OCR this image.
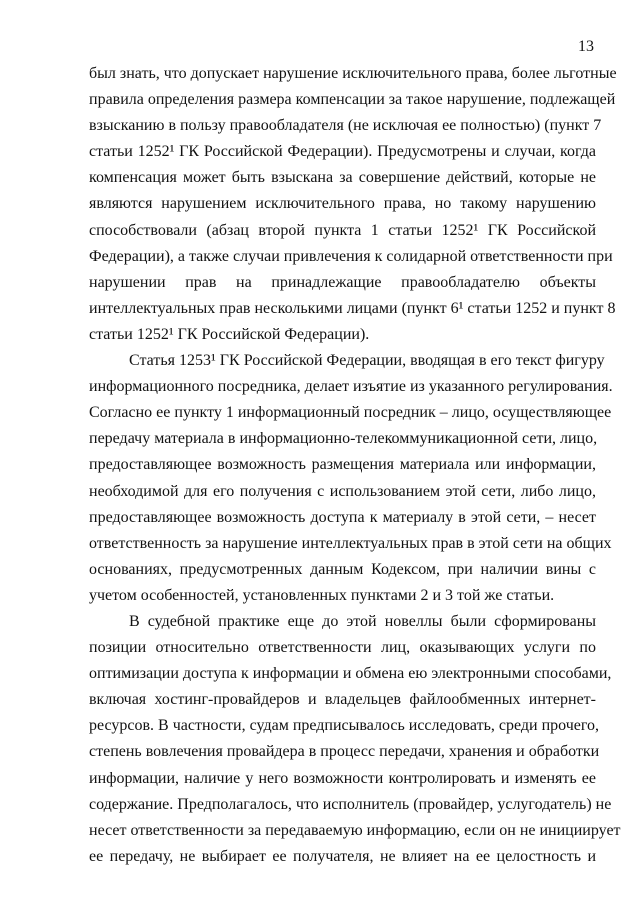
13
был знать, что допускает нарушение исключительного права, более льготные
правила определения размера компенсации за такое нарушение, подлежащей
взысканию в пользу правообладателя (не исключая ее полностью) (пункт 7
статьи 1252¹ ГК Российской Федерации). Предусмотрены и случаи, когда
компенсация может быть взыскана за совершение действий, которые не
являются нарушением исключительного права, но такому нарушению
способствовали (абзац второй пункта 1 статьи 1252¹ ГК Российской
Федерации), а также случаи привлечения к солидарной ответственности при
нарушении прав на принадлежащие правообладателю объекты
интеллектуальных прав несколькими лицами (пункт 6¹ статьи 1252 и пункт 8
статьи 1252¹ ГК Российской Федерации).
Статья 1253¹ ГК Российской Федерации, вводящая в его текст фигуру
информационного посредника, делает изъятие из указанного регулирования.
Согласно ее пункту 1 информационный посредник – лицо, осуществляющее
передачу материала в информационно-телекоммуникационной сети, лицо,
предоставляющее возможность размещения материала или информации,
необходимой для его получения с использованием этой сети, либо лицо,
предоставляющее возможность доступа к материалу в этой сети, – несет
ответственность за нарушение интеллектуальных прав в этой сети на общих
основаниях, предусмотренных данным Кодексом, при наличии вины с
учетом особенностей, установленных пунктами 2 и 3 той же статьи.
В судебной практике еще до этой новеллы были сформированы
позиции относительно ответственности лиц, оказывающих услуги по
оптимизации доступа к информации и обмена ею электронными способами,
включая хостинг-провайдеров и владельцев файлообменных интернет-
ресурсов. В частности, судам предписывалось исследовать, среди прочего,
степень вовлечения провайдера в процесс передачи, хранения и обработки
информации, наличие у него возможности контролировать и изменять ее
содержание. Предполагалось, что исполнитель (провайдер, услугодатель) не
несет ответственности за передаваемую информацию, если он не инициирует
ее передачу, не выбирает ее получателя, не влияет на ее целостность и
